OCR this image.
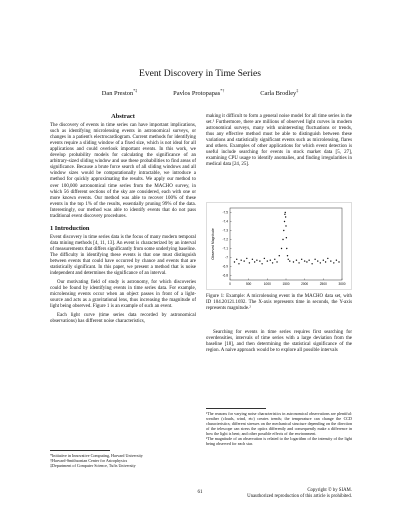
Event Discovery in Time Series
Dan Preston*‡	Pavlos Protopapas*†	Carla Brodley‡
Abstract

The discovery of events in time series can have important implications, such as identifying microlensing events in astronomical surveys, or changes in a patient's electrocardiogram. Current methods for identifying events require a sliding window of a fixed size, which is not ideal for all applications and could overlook important events. In this work, we develop probability models for calculating the significance of an arbitrary-sized sliding window and use these probabilities to find areas of significance. Because a brute force search of all sliding windows and all window sizes would be computationally intractable, we introduce a method for quickly approximating the results. We apply our method to over 100,000 astronomical time series from the MACHO survey, in which 56 different sections of the sky are considered, each with one or more known events. Our method was able to recover 100% of these events in the top 1% of the results, essentially pruning 99% of the data. Interestingly, our method was able to identify events that do not pass traditional event discovery procedures.

1 Introduction

Event discovery in time series data is the focus of many modern temporal data mining methods [4, 11, 13]. An event is characterized by an interval of measurements that differs significantly from some underlying baseline. The difficulty in identifying these events is that one must distinguish between events that could have occurred by chance and events that are statistically significant. In this paper, we present a method that is noise independent and determines the significance of an interval.

Our motivating field of study is astronomy, for which discoveries could be found by identifying events in time series data. For example, microlensing events occur when an object passes in front of a light-source and acts as a gravitational lens, thus increasing the magnitude of light being observed. Figure 1 is an example of such an event.

Each light curve (time series data recorded by astronomical observations) has different noise characteristics,

*Initiative in Innovative Computing, Harvard University
†Harvard-Smithsonian Center for Astrophysics
‡Department of Computer Science, Tufts University

making it difficult to form a general noise model for all time series in the set.¹ Furthermore, there are millions of observed light curves in modern astronomical surveys, many with uninteresting fluctuations or trends, thus any effective method must be able to distinguish between these variations and statistically significant events such as microlensing, flares and others. Examples of other applications for which event detection is useful include searching for events in stock market data [5, 27], examining CPU usage to identify anomalies, and finding irregularities in medical data [24, 25].

Observed Magnitude
-7.5
-7.4
-7.3
-7.2
-7.1
-7
-6.9
-6.8
0	500	1000	1500	2000	2500	3000
Figure 1: Example: A microlensing event in the MACHO data set, with ID 104.20121.1692. The X-axis represents time in seconds, the Y-axis represents magnitude.²

Searching for events in time series requires first searching for overdensities, intervals of time series with a large deviation from the baseline [18], and then determining the statistical significance of the region. A naive approach would be to explore all possible intervals

¹The reasons for varying noise characteristics in astronomical observations are plentiful: weather (clouds, wind, etc) creates trends; the temperature can change the CCD characteristics; different stresses on the mechanical structure depending on the direction of the telescope can stress the optics differently and consequently make a difference in how the light is bent; and other possible effects of the environment.
²The magnitude of an observation is related to the logarithm of the intensity of the light being observed for each star.
61	Copyright © by SIAM.
Unauthorized reproduction of this article is prohibited.
